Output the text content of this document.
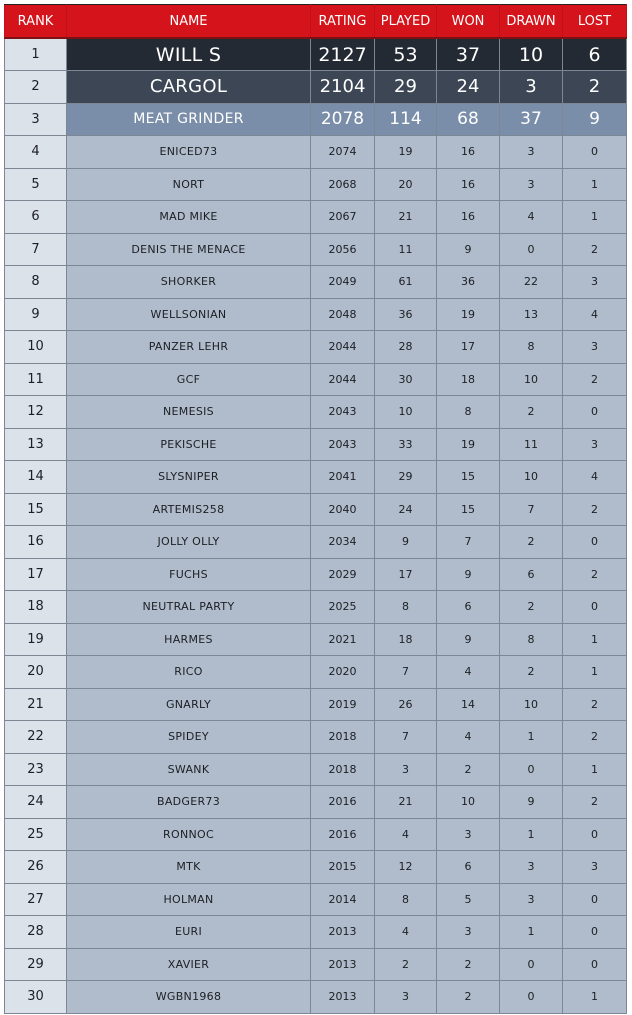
RANK	NAME	RATING	PLAYED	WON	DRAWN	LOST
1	WILL S	2127	53	37	10	6
2	CARGOL	2104	29	24	3	2
3	MEAT GRINDER	2078	114	68	37	9
4	ENICED73	2074	19	16	3	0
5	NORT	2068	20	16	3	1
6	MAD MIKE	2067	21	16	4	1
7	DENIS THE MENACE	2056	11	9	0	2
8	SHORKER	2049	61	36	22	3
9	WELLSONIAN	2048	36	19	13	4
10	PANZER LEHR	2044	28	17	8	3
11	GCF	2044	30	18	10	2
12	NEMESIS	2043	10	8	2	0
13	PEKISCHE	2043	33	19	11	3
14	SLYSNIPER	2041	29	15	10	4
15	ARTEMIS258	2040	24	15	7	2
16	JOLLY OLLY	2034	9	7	2	0
17	FUCHS	2029	17	9	6	2
18	NEUTRAL PARTY	2025	8	6	2	0
19	HARMES	2021	18	9	8	1
20	RICO	2020	7	4	2	1
21	GNARLY	2019	26	14	10	2
22	SPIDEY	2018	7	4	1	2
23	SWANK	2018	3	2	0	1
24	BADGER73	2016	21	10	9	2
25	RONNOC	2016	4	3	1	0
26	MTK	2015	12	6	3	3
27	HOLMAN	2014	8	5	3	0
28	EURI	2013	4	3	1	0
29	XAVIER	2013	2	2	0	0
30	WGBN1968	2013	3	2	0	1
